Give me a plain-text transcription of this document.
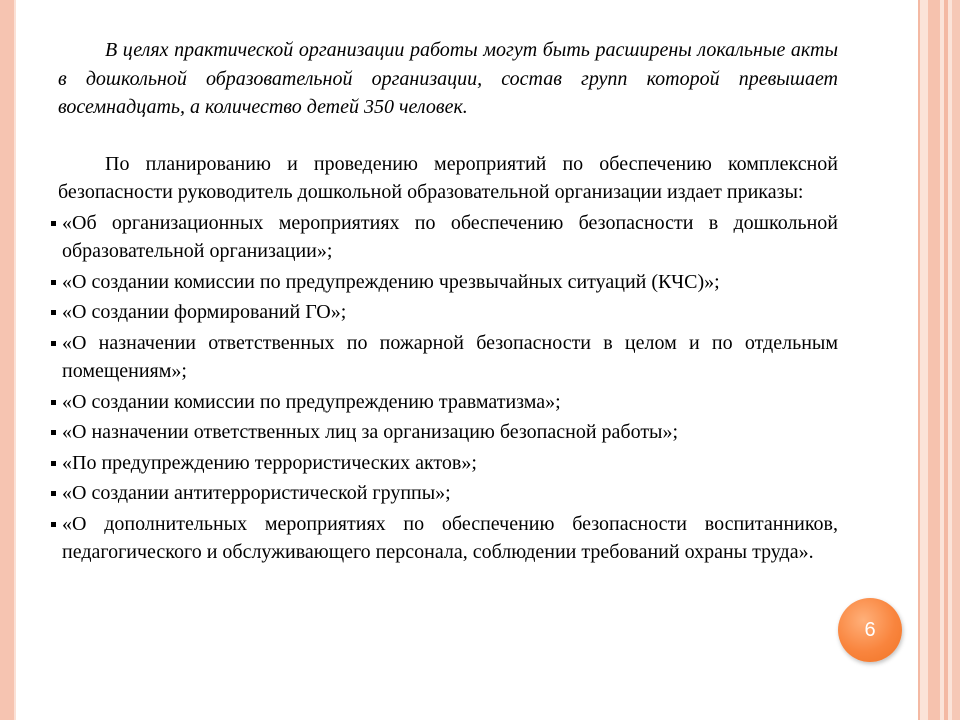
В целях практической организации работы могут быть расширены локальные акты в дошкольной образовательной организации, состав групп которой превышает восемнадцать, а количество детей 350 человек.

По планированию и проведению мероприятий по обеспечению комплексной безопасности руководитель дошкольной образовательной организации издает приказы:

«Об организационных мероприятиях по обеспечению безопасности в дошкольной образовательной организации»;
«О создании комиссии по предупреждению чрезвычайных ситуаций (КЧС)»;
«О создании формирований ГО»;
«О назначении ответственных по пожарной безопасности в целом и по отдельным помещениям»;
«О создании комиссии по предупреждению травматизма»;
«О назначении ответственных лиц за организацию безопасной работы»;
«По предупреждению террористических актов»;
«О создании антитеррористической группы»;
«О дополнительных мероприятиях по обеспечению безопасности воспитанников, педагогического и обслуживающего персонала, соблюдении требований охраны труда».
6
